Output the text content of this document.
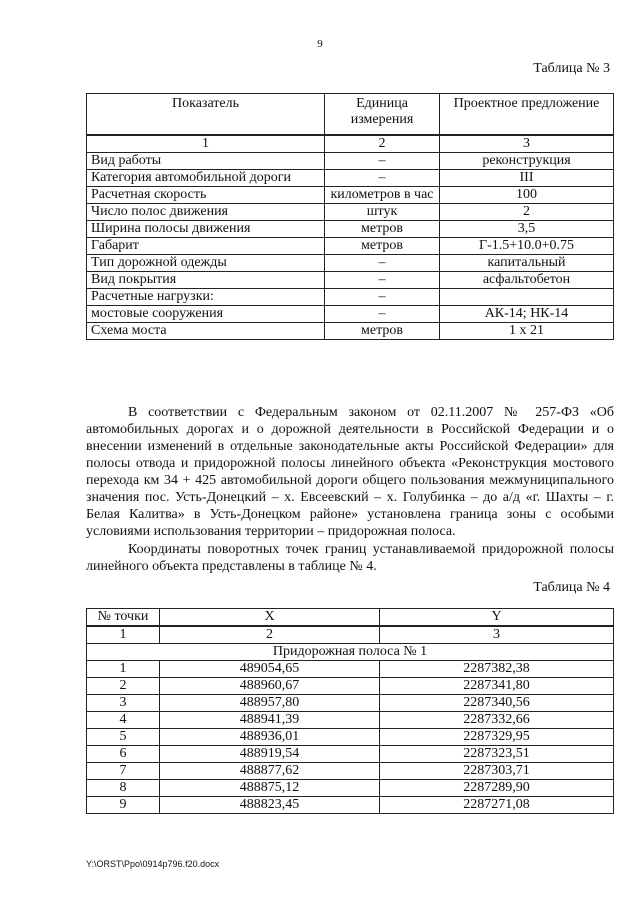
9
Таблица № 3
Показатель	Единица измерения	Проектное предложение
1	2	3
Вид работы	–	реконструкция
Категория автомобильной дороги	–	III
Расчетная скорость	километров в час	100
Число полос движения	штук	2
Ширина полосы движения	метров	3,5
Габарит	метров	Г-1.5+10.0+0.75
Тип дорожной одежды	–	капитальный
Вид покрытия	–	асфальтобетон
Расчетные нагрузки:	–	
мостовые сооружения	–	АК-14; НК-14
Схема моста	метров	1 х 21
В соответствии с Федеральным законом от 02.11.2007 № 257-ФЗ «Об автомобильных дорогах и о дорожной деятельности в Российской Федерации и о внесении изменений в отдельные законодательные акты Российской Федерации» для полосы отвода и придорожной полосы линейного объекта «Реконструкция мостового перехода км 34 + 425 автомобильной дороги общего пользования межмуниципального значения пос. Усть-Донецкий – х. Евсеевский – х. Голубинка – до а/д «г. Шахты – г. Белая Калитва» в Усть-Донецком районе» установлена граница зоны с особыми условиями использования территории – придорожная полоса.
Координаты поворотных точек границ устанавливаемой придорожной полосы линейного объекта представлены в таблице № 4.
Таблица № 4
№ точки	X	Y
1	2	3
Придорожная полоса № 1		
1	489054,65	2287382,38
2	488960,67	2287341,80
3	488957,80	2287340,56
4	488941,39	2287332,66
5	488936,01	2287329,95
6	488919,54	2287323,51
7	488877,62	2287303,71
8	488875,12	2287289,90
9	488823,45	2287271,08
Y:\ORST\Ppo\0914p796.f20.docx
